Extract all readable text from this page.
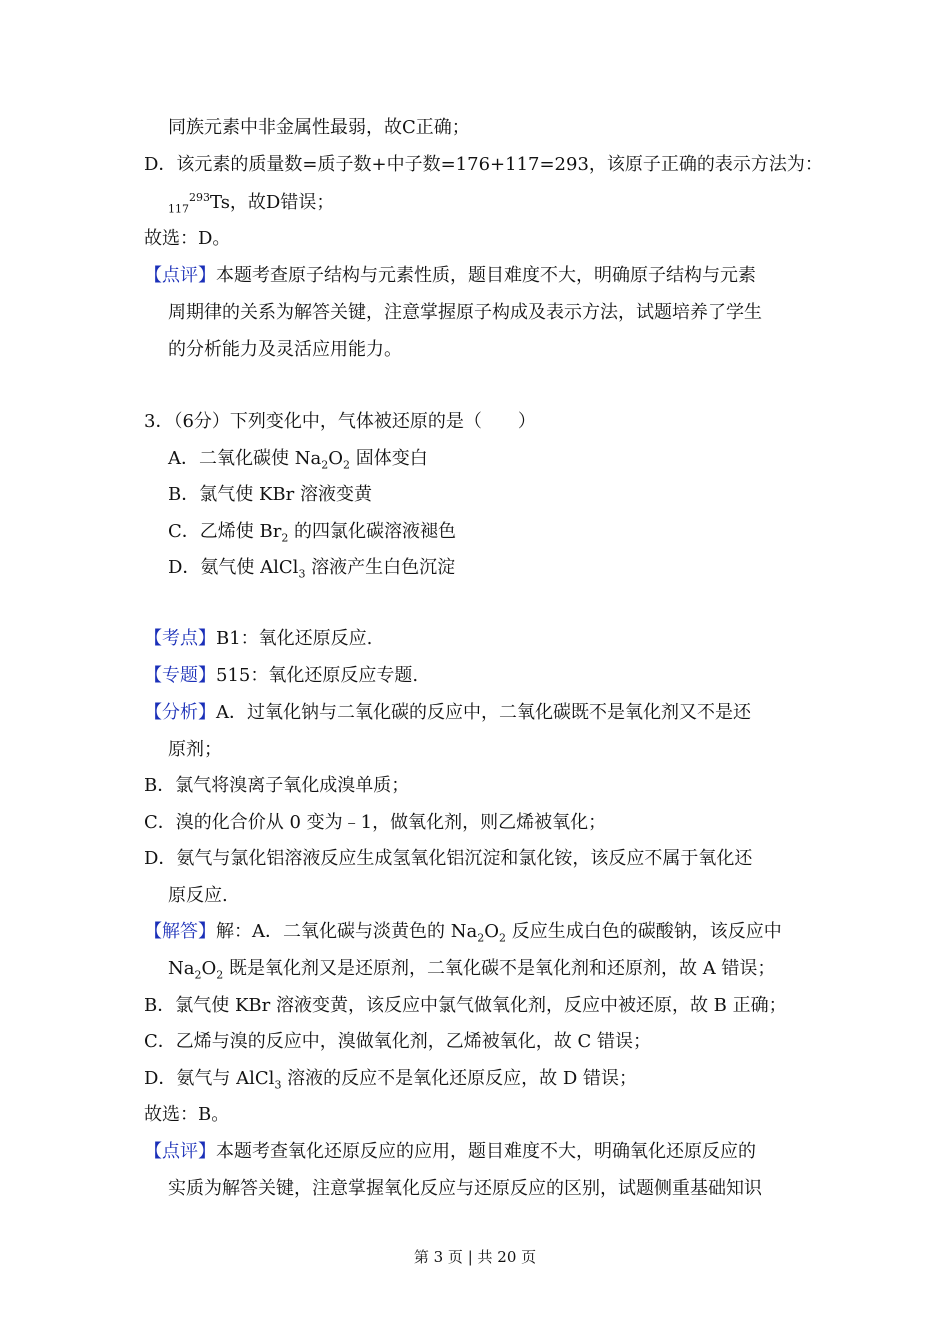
同族元素中非金属性最弱，故C正确；
D．该元素的质量数=质子数+中子数=176+117=293，该原子正确的表示方法为：
$_{117}^{293}$Ts，故D错误；
故选：D。
【点评】本题考查原子结构与元素性质，题目难度不大，明确原子结构与元素
周期律的关系为解答关键，注意掌握原子构成及表示方法，试题培养了学生
的分析能力及灵活应用能力。
3．（6分）下列变化中，气体被还原的是（　　）
A．二氧化碳使 $Na_2O_2$ 固体变白
B．氯气使 KBr 溶液变黄
C．乙烯使 $Br_2$ 的四氯化碳溶液褪色
D．氨气使 AlCl$_3$ 溶液产生白色沉淀
【考点】B1：氧化还原反应.
【专题】515：氧化还原反应专题.
【分析】A．过氧化钠与二氧化碳的反应中，二氧化碳既不是氧化剂又不是还
原剂；
B．氯气将溴离子氧化成溴单质；
C．溴的化合价从 0 变为﹣1，做氧化剂，则乙烯被氧化；
D．氨气与氯化铝溶液反应生成氢氧化铝沉淀和氯化铵，该反应不属于氧化还
原反应.
【解答】解：A．二氧化碳与淡黄色的 $Na_2O_2$ 反应生成白色的碳酸钠，该反应中
$Na_2O_2$ 既是氧化剂又是还原剂，二氧化碳不是氧化剂和还原剂，故 A 错误；
B．氯气使 KBr 溶液变黄，该反应中氯气做氧化剂，反应中被还原，故 B 正确；
C．乙烯与溴的反应中，溴做氧化剂，乙烯被氧化，故 C 错误；
D．氨气与 AlCl$_3$ 溶液的反应不是氧化还原反应，故 D 错误；
故选：B。
【点评】本题考查氧化还原反应的应用，题目难度不大，明确氧化还原反应的
实质为解答关键，注意掌握氧化反应与还原反应的区别，试题侧重基础知识
第 3 页 | 共 20 页
